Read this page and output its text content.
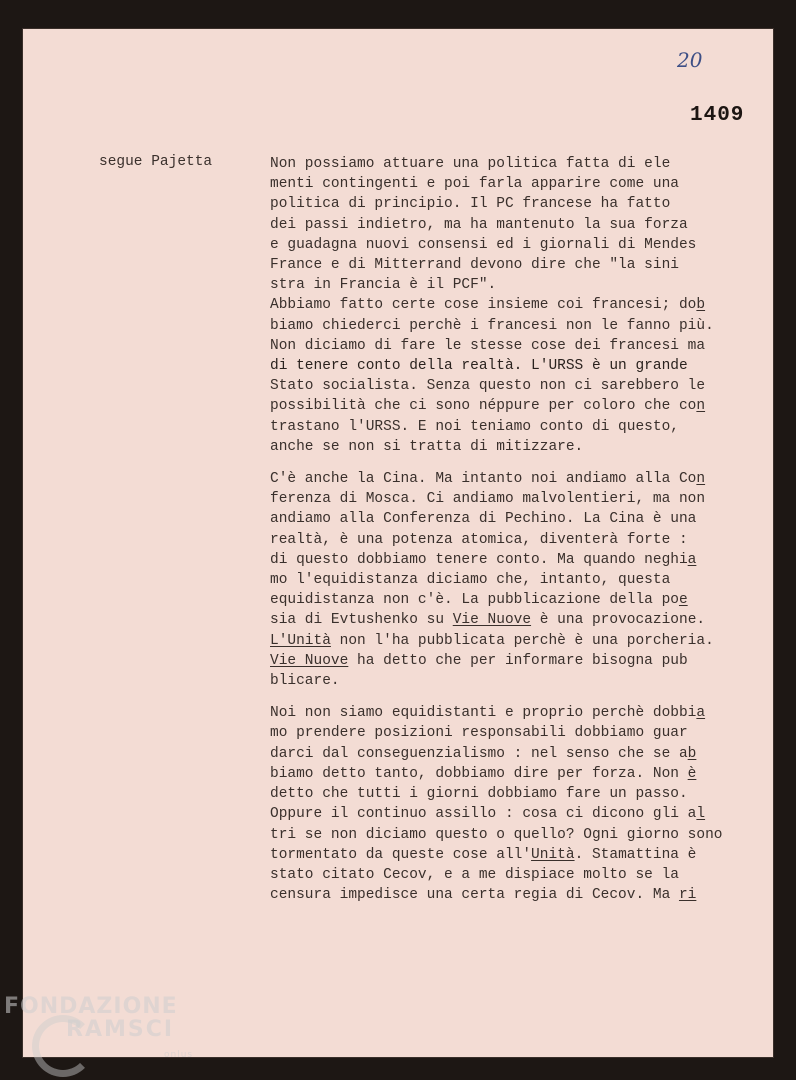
20
1409
segue Pajetta	Non possiamo attuare una politica fatta di ele
menti contingenti e poi farla apparire come una
politica di principio. Il PC francese ha fatto
dei passi indietro, ma ha mantenuto la sua forza
e guadagna nuovi consensi ed i giornali di Mendes
France e di Mitterrand devono dire che "la sini
stra in Francia è il PCF".
Abbiamo fatto certe cose insieme coi francesi; dob
biamo chiederci perchè i francesi non le fanno più.
Non diciamo di fare le stesse cose dei francesi ma
di tenere conto della realtà. L'URSS è un grande
Stato socialista. Senza questo non ci sarebbero le
possibilità che ci sono néppure per coloro che con
trastano l'URSS. E noi teniamo conto di questo,
anche se non si tratta di mitizzare.
C'è anche la Cina. Ma intanto noi andiamo alla Con
ferenza di Mosca. Ci andiamo malvolentieri, ma non
andiamo alla Conferenza di Pechino. La Cina è una
realtà, è una potenza atomica, diventerà forte :
di questo dobbiamo tenere conto. Ma quando neghia
mo l'equidistanza diciamo che, intanto, questa
equidistanza non c'è. La pubblicazione della poe
sia di Evtushenko su Vie Nuove è una provocazione.
L'Unità non l'ha pubblicata perchè è una porcheria.
Vie Nuove ha detto che per informare bisogna pub
blicare.
Noi non siamo equidistanti e proprio perchè dobbia
mo prendere posizioni responsabili dobbiamo guar
darci dal conseguenzialismo : nel senso che se ab
biamo detto tanto, dobbiamo dire per forza. Non è
detto che tutti i giorni dobbiamo fare un passo.
Oppure il continuo assillo : cosa ci dicono gli al
tri se non diciamo questo o quello? Ogni giorno sono
tormentato da queste cose all'Unità. Stamattina è
stato citato Cecov, e a me dispiace molto se la
censura impedisce una certa regia di Cecov. Ma ri
FONDAZIONE
RAMSCI
onlus
